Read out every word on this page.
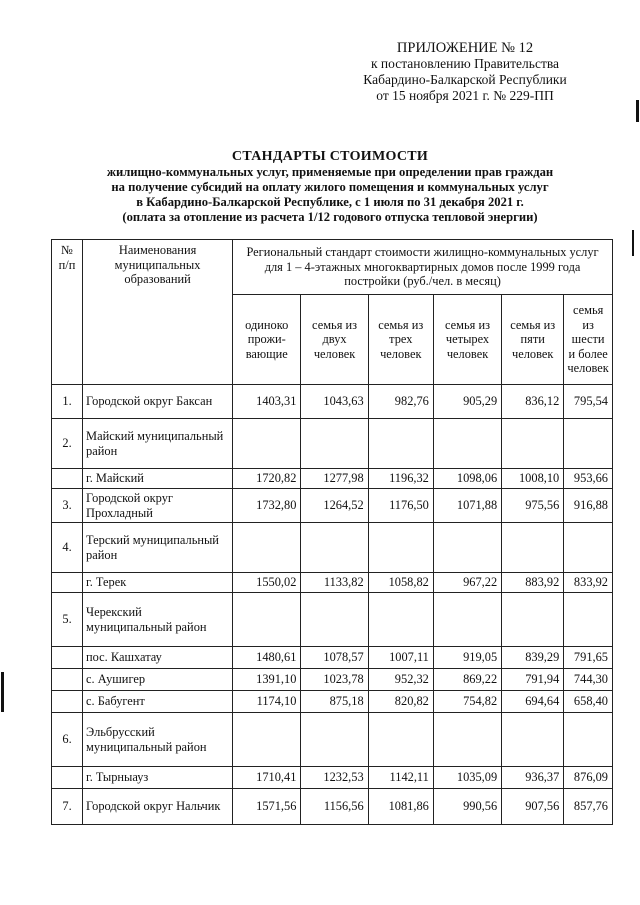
ПРИЛОЖЕНИЕ № 12
к постановлению Правительства
Кабардино-Балкарской Республики
от 15 ноября 2021 г. № 229-ПП
СТАНДАРТЫ СТОИМОСТИ
жилищно-коммунальных услуг, применяемые при определении прав граждан
на получение субсидий на оплату жилого помещения и коммунальных услуг
в Кабардино-Балкарской Республике, с 1 июля по 31 декабря 2021 г.
(оплата за отопление из расчета 1/12 годового отпуска тепловой энергии)
№ п/п	Наименования муниципальных образований	Региональный стандарт стоимости жилищно-коммунальных услуг для 1 – 4-этажных многоквартирных домов после 1999 года постройки (руб./чел. в месяц)					
		одиноко прожи-вающие	семья из двух человек	семья из трех человек	семья из четырех человек	семья из пяти человек	семья из шести и более человек
1.	Городской округ Баксан	1403,31	1043,63	982,76	905,29	836,12	795,54
2.	Майский муниципальный район						
	г. Майский	1720,82	1277,98	1196,32	1098,06	1008,10	953,66
3.	Городской округ Прохладный	1732,80	1264,52	1176,50	1071,88	975,56	916,88
4.	Терский муниципальный район						
	г. Терек	1550,02	1133,82	1058,82	967,22	883,92	833,92
5.	Черекский муниципальный район						
	пос. Кашхатау	1480,61	1078,57	1007,11	919,05	839,29	791,65
	с. Аушигер	1391,10	1023,78	952,32	869,22	791,94	744,30
	с. Бабугент	1174,10	875,18	820,82	754,82	694,64	658,40
6.	Эльбрусский муниципальный район						
	г. Тырныауз	1710,41	1232,53	1142,11	1035,09	936,37	876,09
7.	Городской округ Нальчик	1571,56	1156,56	1081,86	990,56	907,56	857,76
